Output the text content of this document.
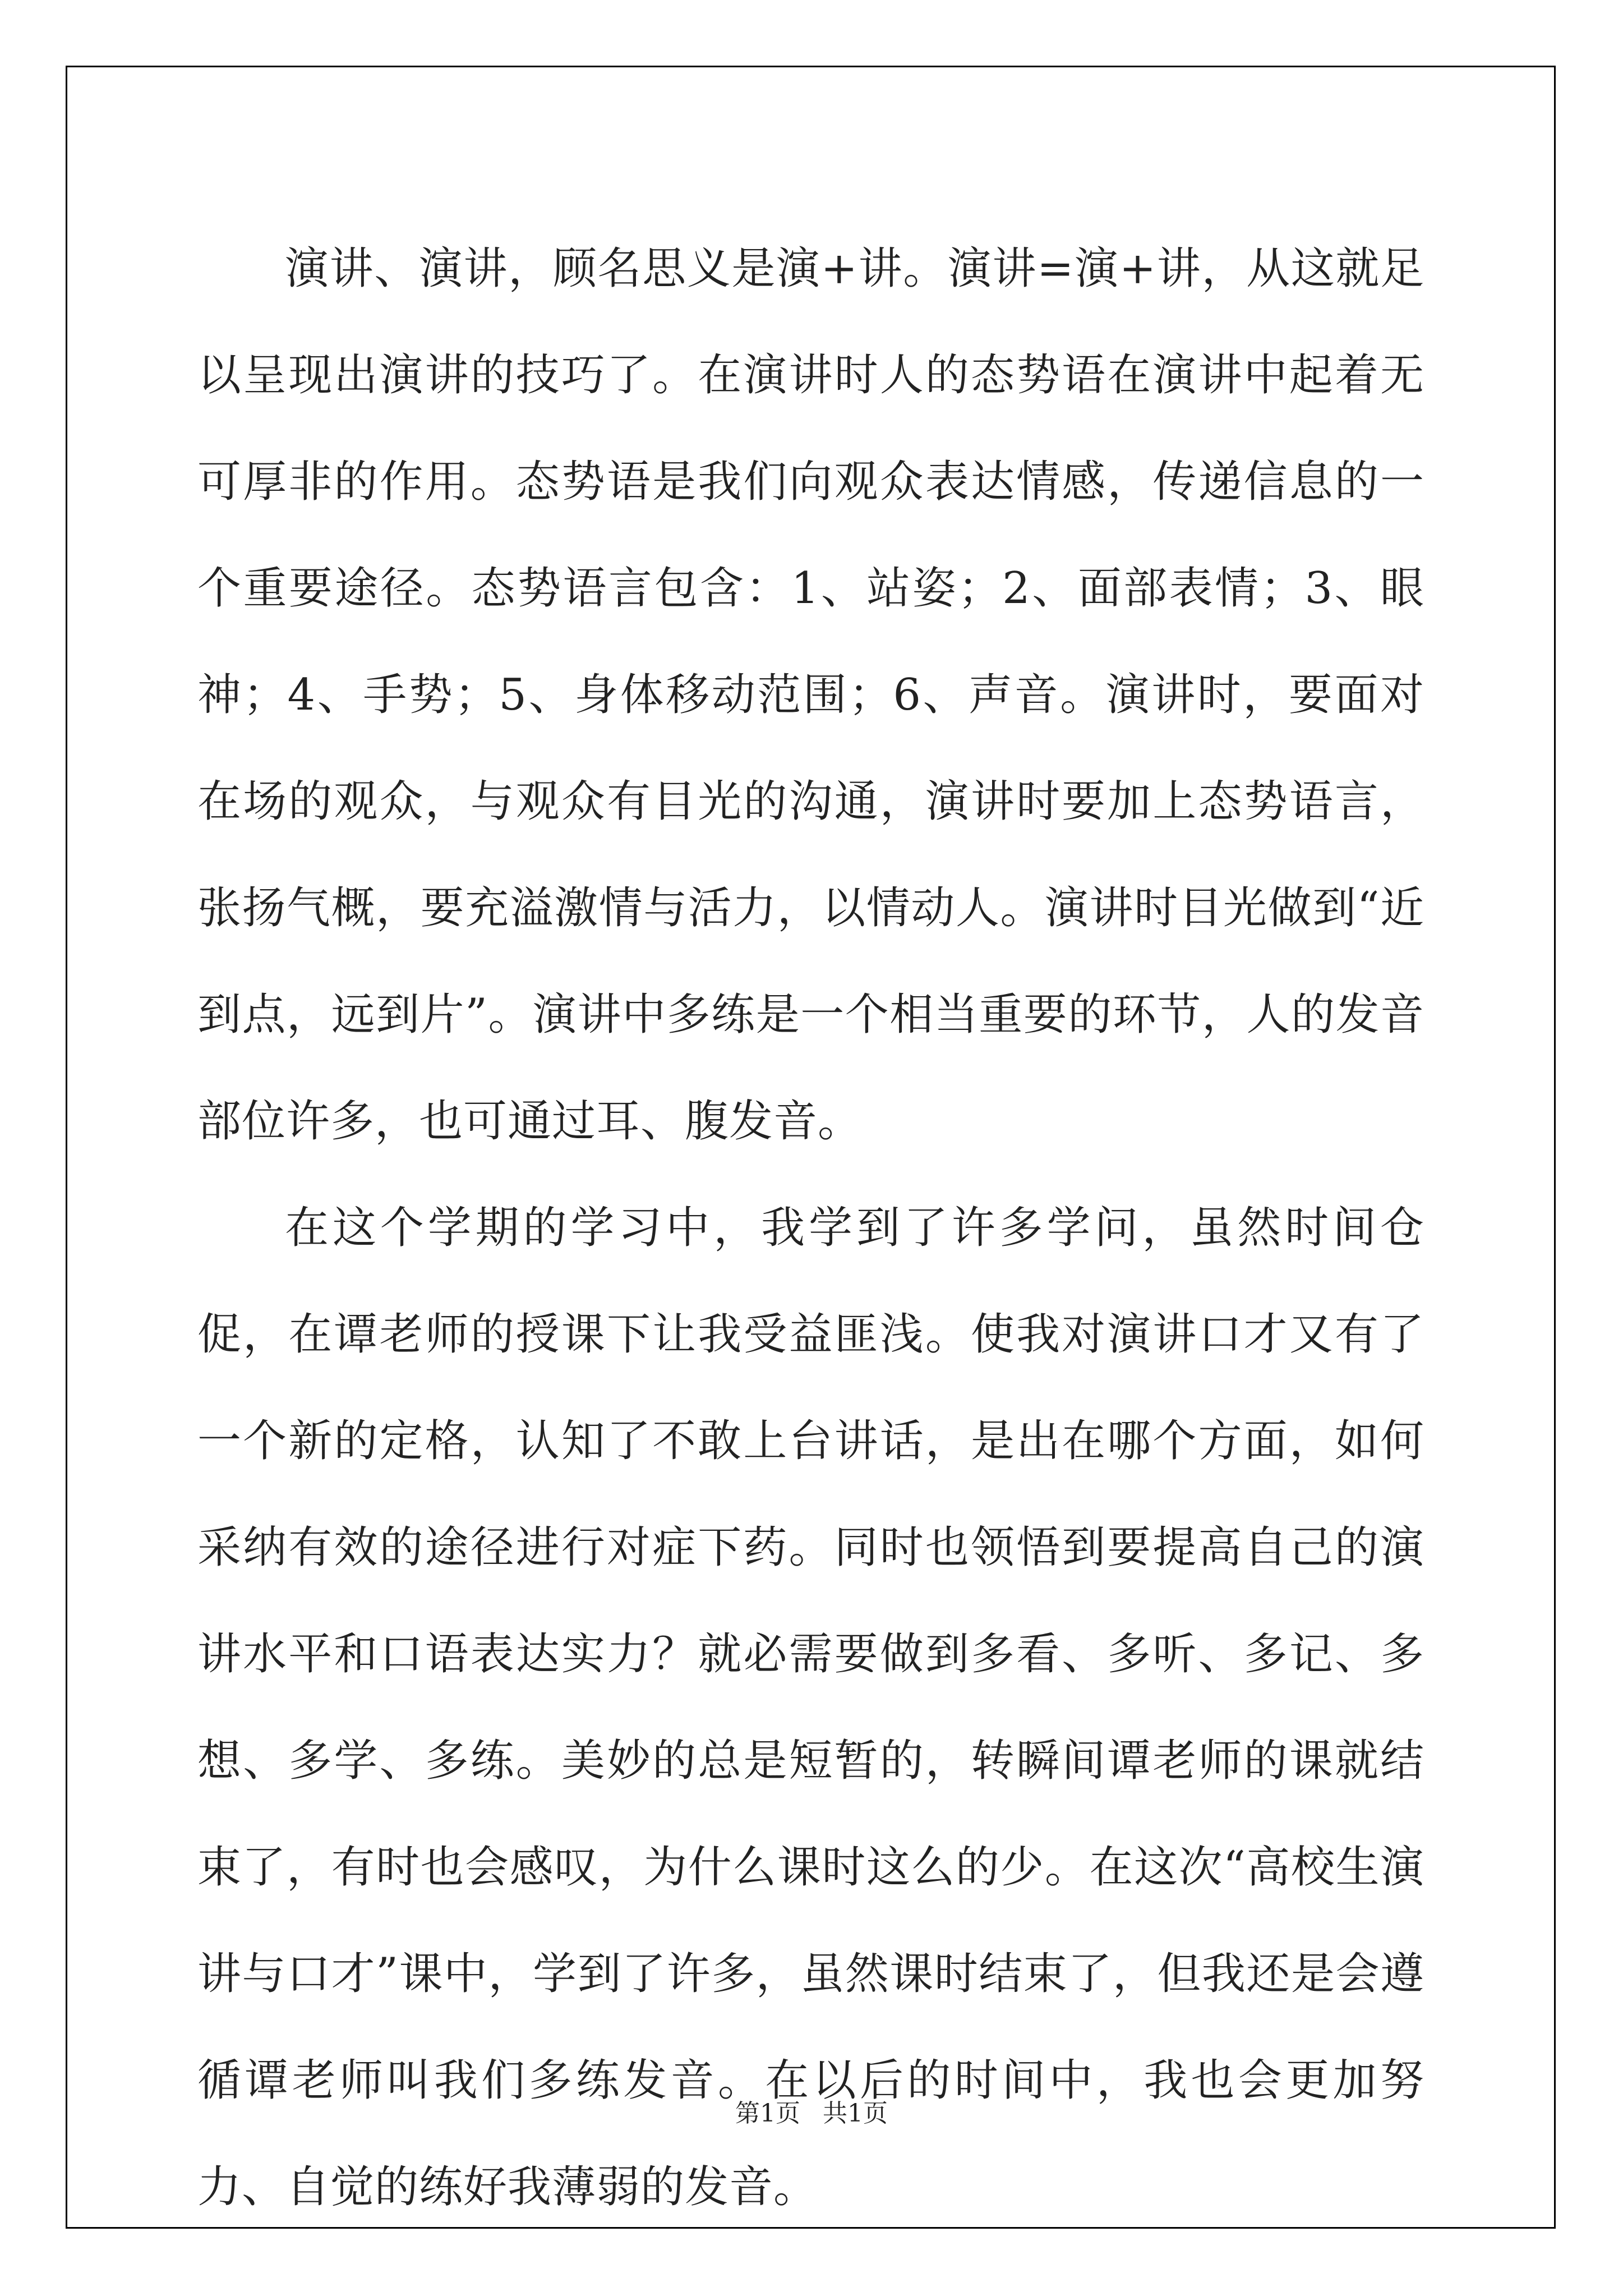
演讲、演讲，顾名思义是演+讲。演讲=演+讲，从这就足以呈现出演讲的技巧了。在演讲时人的态势语在演讲中起着无可厚非的作用。态势语是我们向观众表达情感，传递信息的一个重要途径。态势语言包含：1、站姿；2、面部表情；3、眼神；4、手势；5、身体移动范围；6、声音。演讲时，要面对在场的观众，与观众有目光的沟通，演讲时要加上态势语言，张扬气概，要充溢激情与活力，以情动人。演讲时目光做到“近到点，远到片”。演讲中多练是一个相当重要的环节，人的发音部位许多，也可通过耳、腹发音。

在这个学期的学习中，我学到了许多学问，虽然时间仓促，在谭老师的授课下让我受益匪浅。使我对演讲口才又有了一个新的定格，认知了不敢上台讲话，是出在哪个方面，如何采纳有效的途径进行对症下药。同时也领悟到要提高自己的演讲水平和口语表达实力？就必需要做到多看、多听、多记、多想、多学、多练。美妙的总是短暂的，转瞬间谭老师的课就结束了，有时也会感叹，为什么课时这么的少。在这次“高校生演讲与口才”课中，学到了许多，虽然课时结束了，但我还是会遵循谭老师叫我们多练发音。在以后的时间中，我也会更加努力、自觉的练好我薄弱的发音。

第1页 共1页
